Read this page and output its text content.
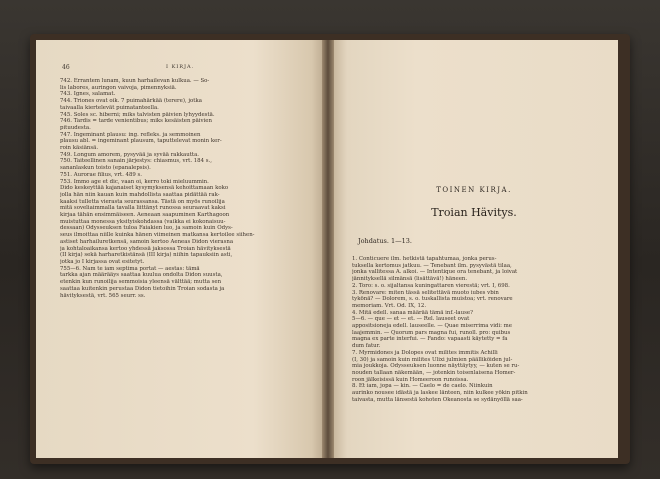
46	I KIRJA.

742. Errantem lunam, kuun harhailevan kulkua. — So-

lis labores, auringon vaivoja, pimennyksiä.

743. Ignes, salamat.

744. Triones ovat oik. 7 puimahärkää (terere), jotka

taivaalla kiertelevät puimatanteella.

745. Soles sc. hiberni; miks talvisten päivien lyhyydestä.

746. Tardis = tarde venientibus; miks kesäisten päivien

pituudesta.

747. Ingeminant plausu: ing. refleks. ja semmoinen

plausu abl. = ingeminant plausum, taputtelevat monin ker-

roin käsiänsä.

749. Longum amorem, pysyvää ja syvää rakkautta.

750. Taiteellinen sanain järjestys: chiasmus, vrt. 184 s.,

sananlaskun toisto (epanalepsis).

751. Aurorae filius, vrt. 489 s.

753. Immo age et dic, vaan oi, kerro toki mieluummin.

Dido keskeyttää kajanaiset kysymyksensä kehoittamaan koko

jolla hän niin kauan kuin mahdollista saattaa pidättää rak-

kaaksi tulletta vierasta seurassansa. Tästä on myös runoilija

mitä soveliaimmalla tavalla liittänyt runossa seuraavat kaksi

kirjaa tähän ensimmäiseen. Aeneaan saapuminen Karthagoon

muistuttaa monessa yksityiskohdassa (vaikka ei kokonaisuu-

dessaan) Odysseuksen tuloa Faiakien luo, ja samoin kuin Odys-

seus ilmoittaa niille kuinka hänen viimeinen matkansa kertoilee siihen-

astiset harhailuretkensä, samoin kertoo Aeneas Didon vierasna

ja kohtaloaikansa kertoo yhdessä jaksossa Troian hävityksestä

(II kirja) sekä harharetkistänsä (III kirja) niihin tapauksiin asti,

jotka jo I kirjassa ovat esitetyt.

755—6. Nam te iam septima portat — aestas: tämä

tarkka ajan määrääys saattaa kuulua ondolta Didon suusta,

etenkin kun runoilija semmoisia yleensä välttää; mutta sen

saattaa kuitenkin perustaa Didon tietoihin Troian sodasta ja

hävityksestä, vrt. 565 seurr. ss.

TOINEN KIRJA.
Troian Hävitys.
Johdatus. 1—13.

1. Conticuere ilm. hetkistä tapahtumaa, jonka perus-

tuksella kertomus jatkuu. — Tenebant ilm. pysyvästä tilaa,

jonka vallitessa A. alkoi. — Intentique ora tenebant, ja loivat

jännityksellä silmänsä (lisättävä!) häneen.

2. Toro: s. o. sijaltansa kuningattaren vierestä; vrt. I, 698.

3. Renovare: miten tässä selitettävä muoto iubes vbin

tykönä? — Dolorem, s. o. tuskallista muistoa; vrt. renovare

memoriam. Vrt. Od. IX, 12.

4. Mitä edell. sanaa määrää tämä inf.-lause?

5—6. — que — et — et. — Rel. lauseet ovat

appositsioneja edell. lauseelle. — Quae miserrima vidi: me

laajemmin. — Quorum pars magna fui, runoll. pro: quibus

magna ex parte interfui. — Fando: vapaasti käytetty = fa

dum fatur.

7. Myrmidones ja Dolopes ovat milites immitis Achilli

(I, 30) ja samoin kuin milites Ulixi julmien päälliköiden jul-

mia joukkoja. Odysseuksen luonne näyttäytyy, — kuten se ru-

nouden tallaan näkemään, — jotenkin toisenlaisena Homer-

roon jälkeisissä kuin Homeeroon runoissa.

8. Et iam, jopa — kin. — Caelo = de caelo. Niinkuin

aurinko nousee idästä ja laskee länteen, niin kulkee yökin pitkin

taivasta, mutta länsestä kohoten Okeanosta se sydänyöllä saa-
